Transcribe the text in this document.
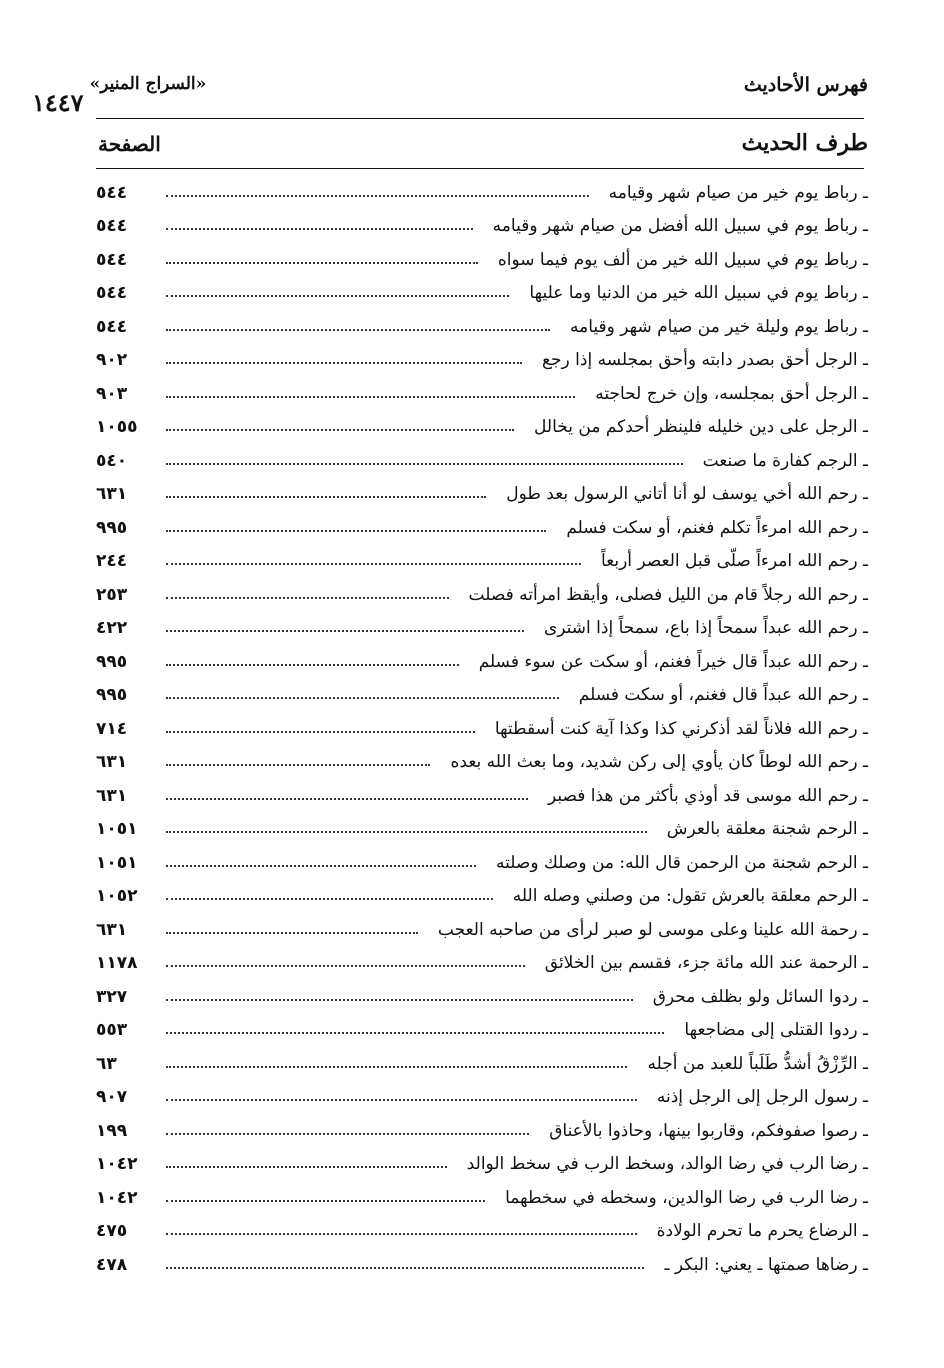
«السراج المنير»
١٤٤٧
فهرس الأحاديث
طرف الحديث
الصفحة
ـ رباط يوم خير من صيام شهر وقيامه
٥٤٤
ـ رباط يوم في سبيل الله أفضل من صيام شهر وقيامه
٥٤٤
ـ رباط يوم في سبيل الله خير من ألف يوم فيما سواه
٥٤٤
ـ رباط يوم في سبيل الله خير من الدنيا وما عليها
٥٤٤
ـ رباط يوم وليلة خير من صيام شهر وقيامه
٥٤٤
ـ الرجل أحق بصدر دابته وأحق بمجلسه إذا رجع
٩٠٢
ـ الرجل أحق بمجلسه، وإن خرج لحاجته
٩٠٣
ـ الرجل على دين خليله فلينظر أحدكم من يخالل
١٠٥٥
ـ الرجم كفارة ما صنعت
٥٤٠
ـ رحم الله أخي يوسف لو أنا أتاني الرسول بعد طول
٦٣١
ـ رحم الله امرءاً تكلم فغنم، أو سكت فسلم
٩٩٥
ـ رحم الله امرءاً صلّى قبل العصر أربعاً
٢٤٤
ـ رحم الله رجلاً قام من الليل فصلى، وأيقظ امرأته فصلت
٢٥٣
ـ رحم الله عبداً سمحاً إذا باع، سمحاً إذا اشترى
٤٢٢
ـ رحم الله عبداً قال خيراً فغنم، أو سكت عن سوء فسلم
٩٩٥
ـ رحم الله عبداً قال فغنم، أو سكت فسلم
٩٩٥
ـ رحم الله فلاناً لقد أذكرني كذا وكذا آية كنت أسقطتها
٧١٤
ـ رحم الله لوطاً كان يأوي إلى ركن شديد، وما بعث الله بعده
٦٣١
ـ رحم الله موسى قد أوذي بأكثر من هذا فصبر
٦٣١
ـ الرحم شجنة معلقة بالعرش
١٠٥١
ـ الرحم شجنة من الرحمن قال الله: من وصلك وصلته
١٠٥١
ـ الرحم معلقة بالعرش تقول: من وصلني وصله الله
١٠٥٢
ـ رحمة الله علينا وعلى موسى لو صبر لرأى من صاحبه العجب
٦٣١
ـ الرحمة عند الله مائة جزء، فقسم بين الخلائق
١١٧٨
ـ ردوا السائل ولو بظلف محرق
٣٢٧
ـ ردوا القتلى إلى مضاجعها
٥٥٣
ـ الرِّزْقُ أشدُّ طَلَباً للعبد من أجله
٦٣
ـ رسول الرجل إلى الرجل إذنه
٩٠٧
ـ رصوا صفوفكم، وقاربوا بينها، وحاذوا بالأعناق
١٩٩
ـ رضا الرب في رضا الوالد، وسخط الرب في سخط الوالد
١٠٤٢
ـ رضا الرب في رضا الوالدين، وسخطه في سخطهما
١٠٤٢
ـ الرضاع يحرم ما تحرم الولادة
٤٧٥
ـ رضاها صمتها ـ يعني: البكر ـ
٤٧٨
